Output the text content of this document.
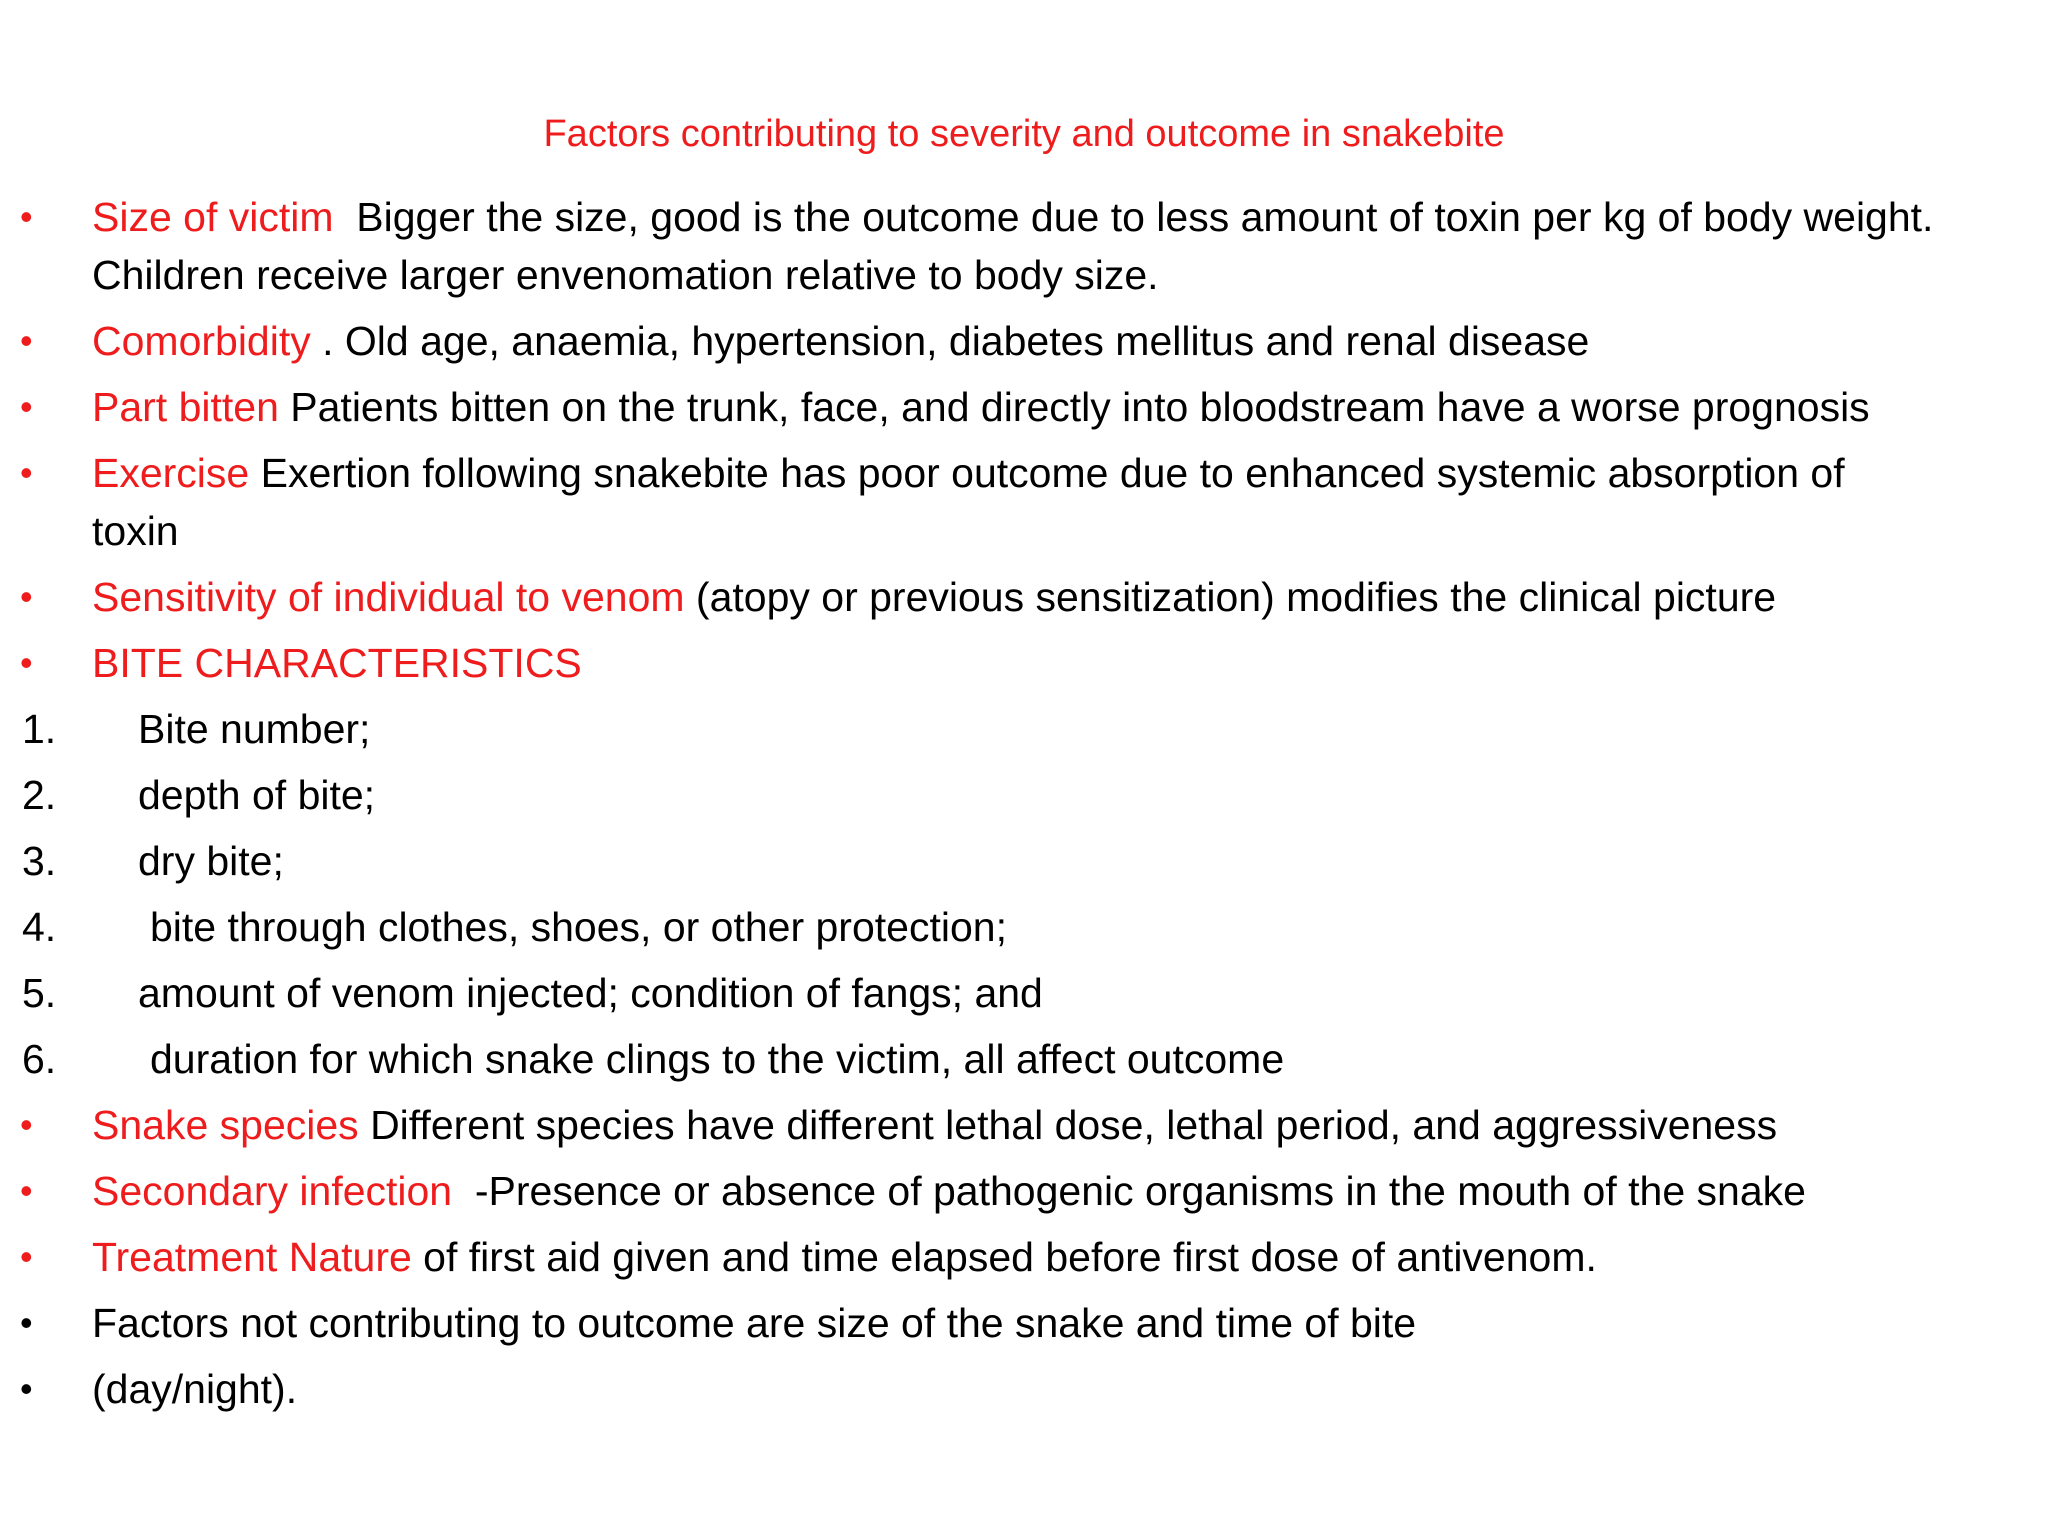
Factors contributing to severity and outcome in snakebite
•	Size of victim  Bigger the size, good is the outcome due to less amount of toxin per kg of body weight.
Children receive larger envenomation relative to body size.
•	Comorbidity . Old age, anaemia, hypertension, diabetes mellitus and renal disease
•	Part bitten Patients bitten on the trunk, face, and directly into bloodstream have a worse prognosis
•	Exercise Exertion following snakebite has poor outcome due to enhanced systemic absorption of
toxin
•	Sensitivity of individual to venom (atopy or previous sensitization) modifies the clinical picture
•	BITE CHARACTERISTICS
1.	Bite number;
2.	depth of bite;
3.	dry bite;
4.	bite through clothes, shoes, or other protection;
5.	amount of venom injected; condition of fangs; and
6.	duration for which snake clings to the victim, all affect outcome
•	Snake species Different species have different lethal dose, lethal period, and aggressiveness
•	Secondary infection  -Presence or absence of pathogenic organisms in the mouth of the snake
•	Treatment Nature of first aid given and time elapsed before first dose of antivenom.
•	Factors not contributing to outcome are size of the snake and time of bite
•	(day/night).
